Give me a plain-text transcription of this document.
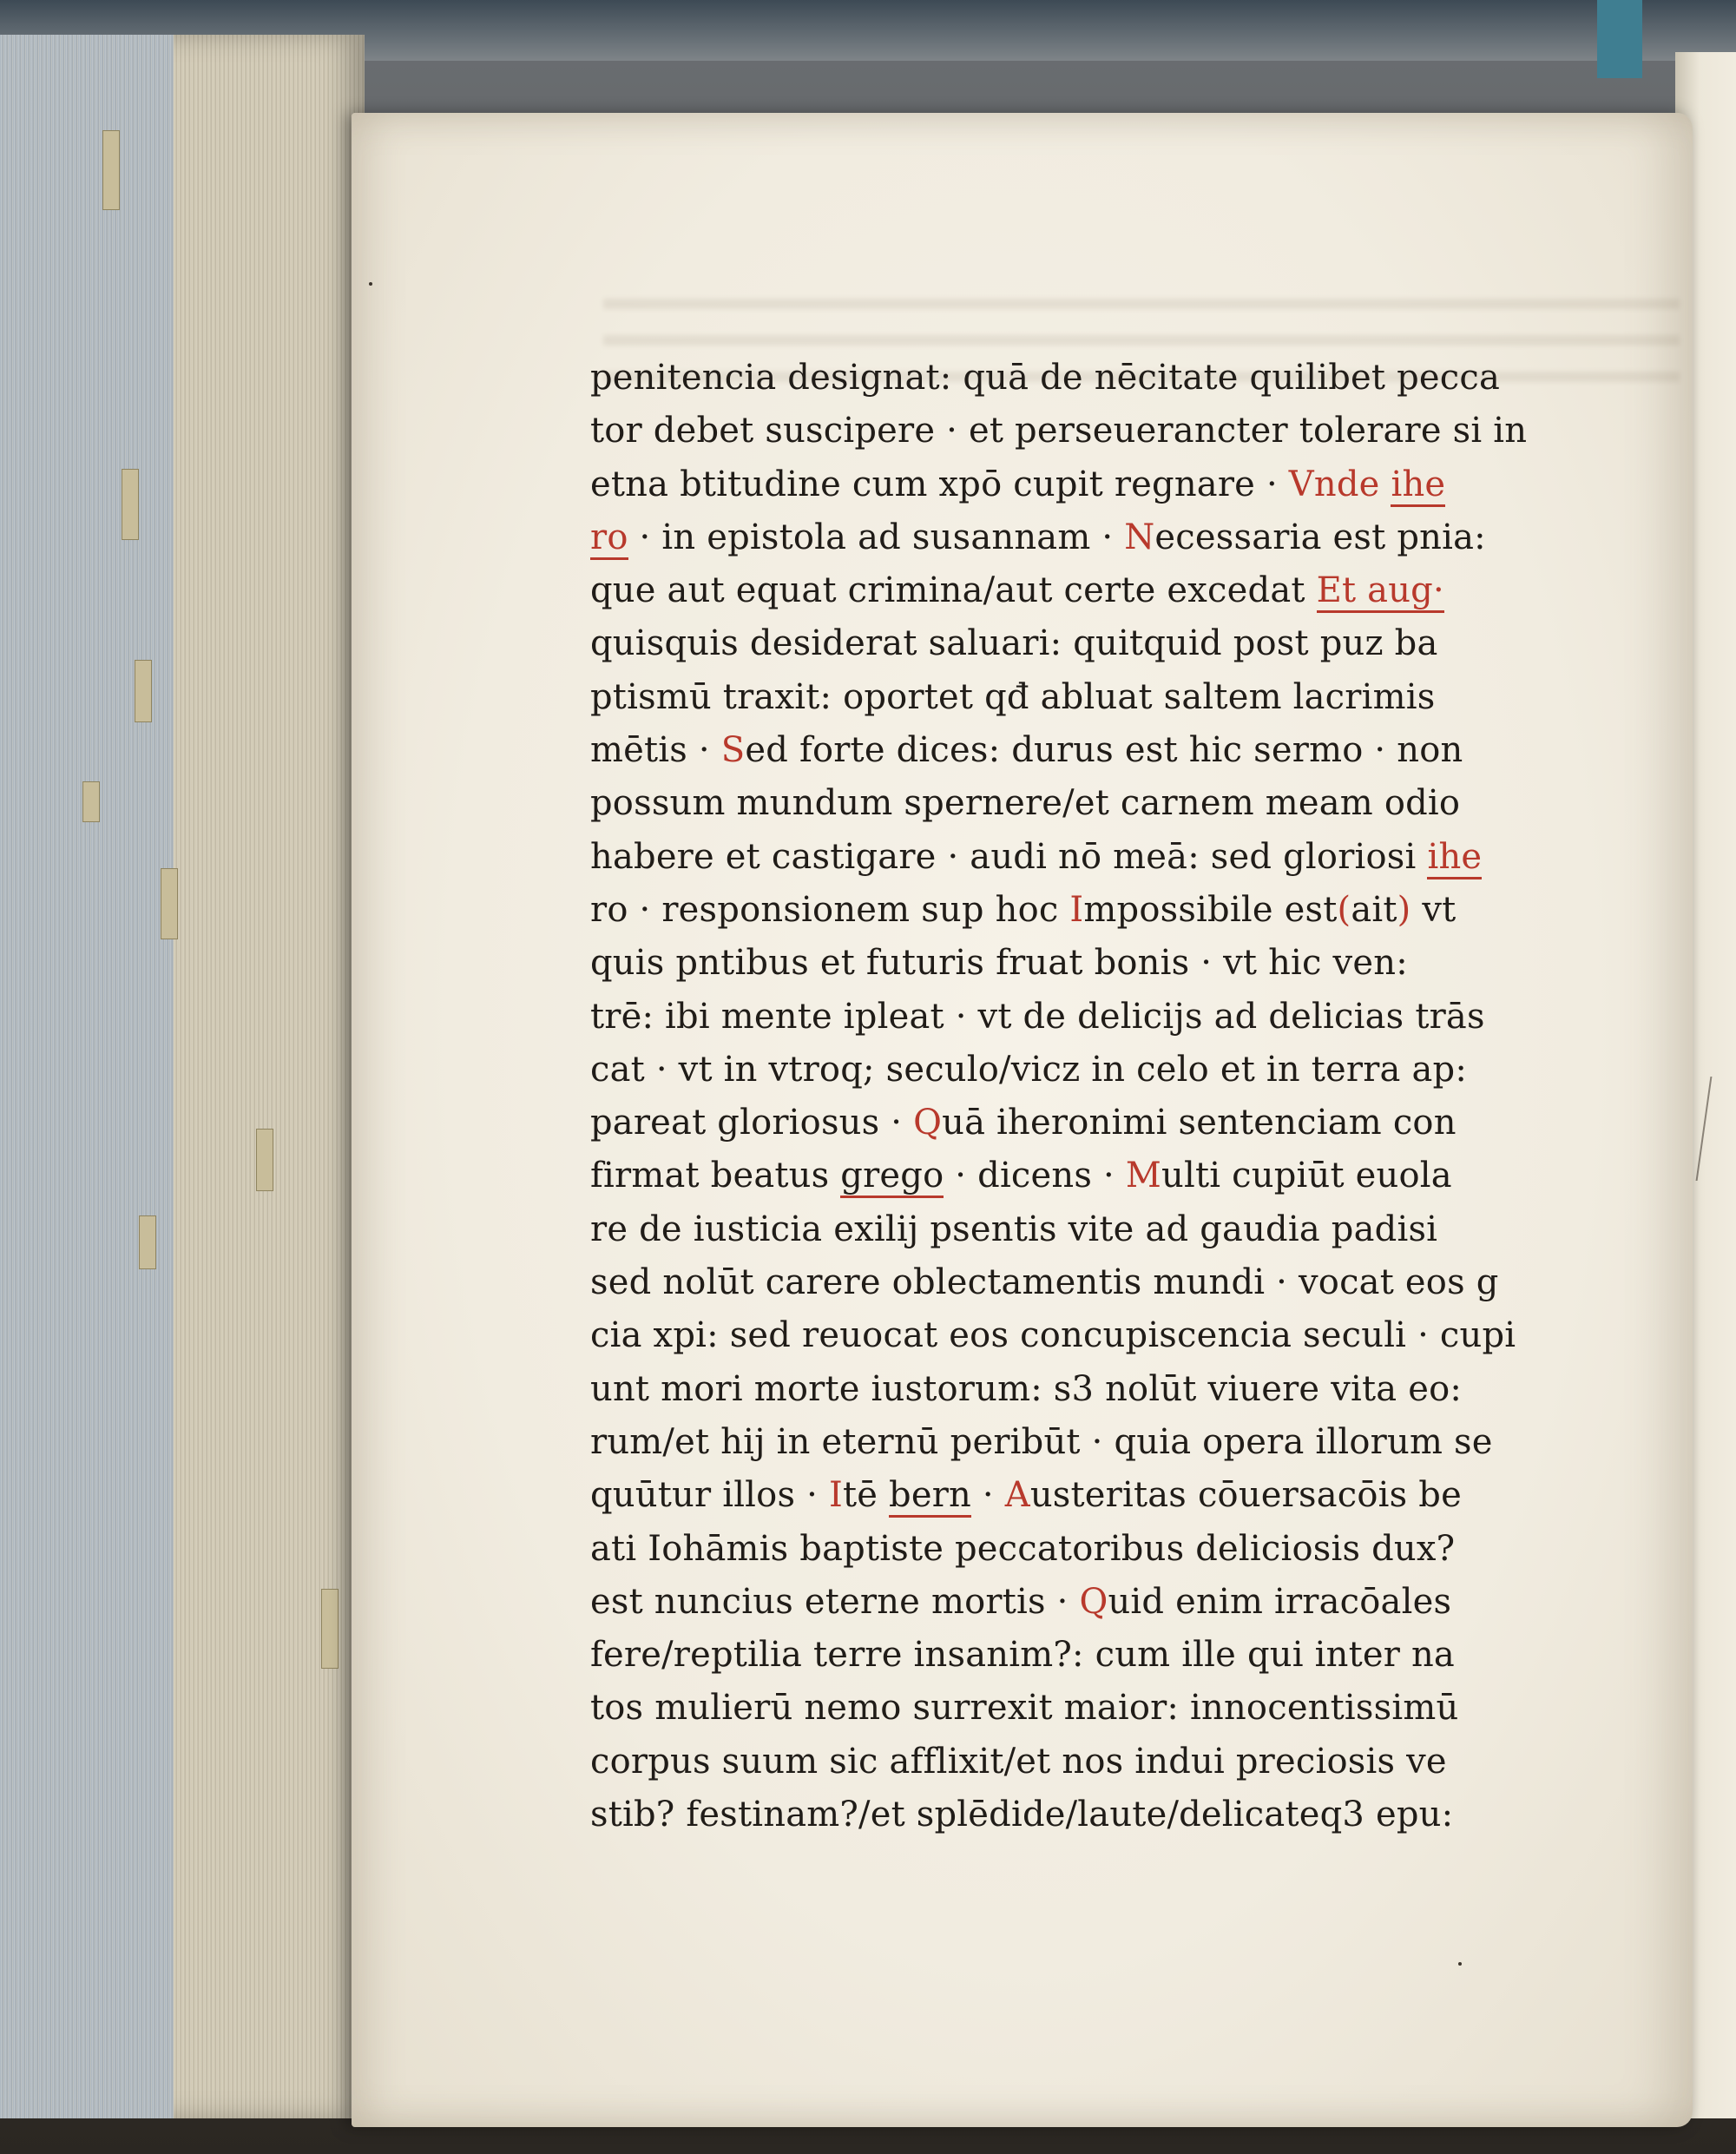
penitencia designat: quā de nēcitate quilibet pecca
tor debet suscipere · et perseuerancter tolerare si in
etna btitudine cum xpō cupit regnare · Vnde ihe
ro · in epistola ad susannam · Necessaria est pnia:
que aut equat crimina/aut certe excedat Et aug·
quisquis desiderat saluari: quitquid post puz ba
ptismū traxit: oportet qđ abluat saltem lacrimis
mētis · Sed forte dices: durus est hic sermo · non
possum mundum spernere/et carnem meam odio
habere et castigare · audi nō meā: sed gloriosi ihe
ro · responsionem sup hoc Impossibile est(ait) vt
quis pntibus et futuris fruat bonis · vt hic ven:
trē: ibi mente ipleat · vt de delicijs ad delicias trās
cat · vt in vtroq; seculo/vicz in celo et in terra ap:
pareat gloriosus · Quā iheronimi sentenciam con
firmat beatus grego · dicens · Multi cupiūt euola
re de iusticia exilij psentis vite ad gaudia padisi
sed nolūt carere oblectamentis mundi · vocat eos g
cia xpi: sed reuocat eos concupiscencia seculi · cupi
unt mori morte iustorum: s3 nolūt viuere vita eo:
rum/et hij in eternū peribūt · quia opera illorum se
quūtur illos · Itē bern · Austeritas cōuersacōis be
ati Iohāmis baptiste peccatoribus deliciosis dux?
est nuncius eterne mortis · Quid enim irracōales
fere/reptilia terre insanim?: cum ille qui inter na
tos mulierū nemo surrexit maior: innocentissimū
corpus suum sic afflixit/et nos indui preciosis ve
stib? festinam?/et splēdide/laute/delicateq3 epu:
